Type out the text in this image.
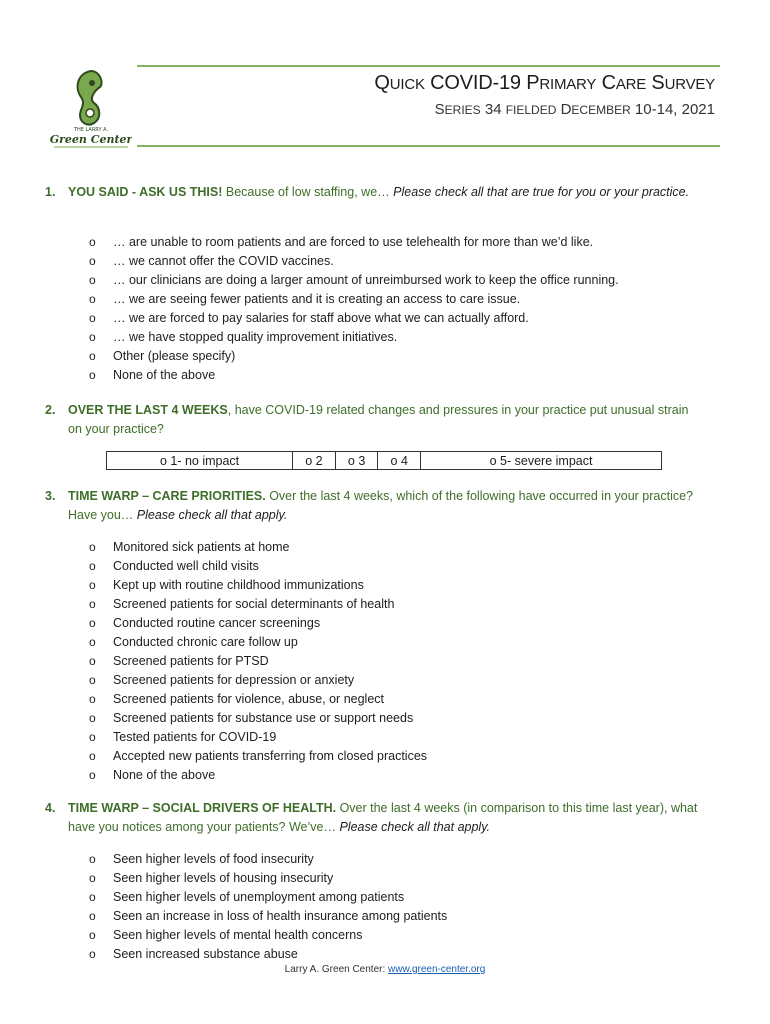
THE LARRY A.
Green Center
QUICK COVID-19 PRIMARY CARE SURVEY
SERIES 34 FIELDED DECEMBER 10-14, 2021
1. YOU SAID - ASK US THIS! Because of low staffing, we… Please check all that are true for you or your practice.
o … are unable to room patients and are forced to use telehealth for more than we’d like.
o … we cannot offer the COVID vaccines.
o … our clinicians are doing a larger amount of unreimbursed work to keep the office running.
o … we are seeing fewer patients and it is creating an access to care issue.
o … we are forced to pay salaries for staff above what we can actually afford.
o … we have stopped quality improvement initiatives.
o Other (please specify)
o None of the above
2. OVER THE LAST 4 WEEKS, have COVID-19 related changes and pressures in your practice put unusual strain on your practice?
o 1- no impact	o 2	o 3	o 4	o 5- severe impact
3. TIME WARP – CARE PRIORITIES. Over the last 4 weeks, which of the following have occurred in your practice? Have you… Please check all that apply.
o Monitored sick patients at home
o Conducted well child visits
o Kept up with routine childhood immunizations
o Screened patients for social determinants of health
o Conducted routine cancer screenings
o Conducted chronic care follow up
o Screened patients for PTSD
o Screened patients for depression or anxiety
o Screened patients for violence, abuse, or neglect
o Screened patients for substance use or support needs
o Tested patients for COVID-19
o Accepted new patients transferring from closed practices
o None of the above
4. TIME WARP – SOCIAL DRIVERS OF HEALTH. Over the last 4 weeks (in comparison to this time last year), what have you notices among your patients? We’ve… Please check all that apply.
o Seen higher levels of food insecurity
o Seen higher levels of housing insecurity
o Seen higher levels of unemployment among patients
o Seen an increase in loss of health insurance among patients
o Seen higher levels of mental health concerns
o Seen increased substance abuse
Larry A. Green Center: www.green-center.org
